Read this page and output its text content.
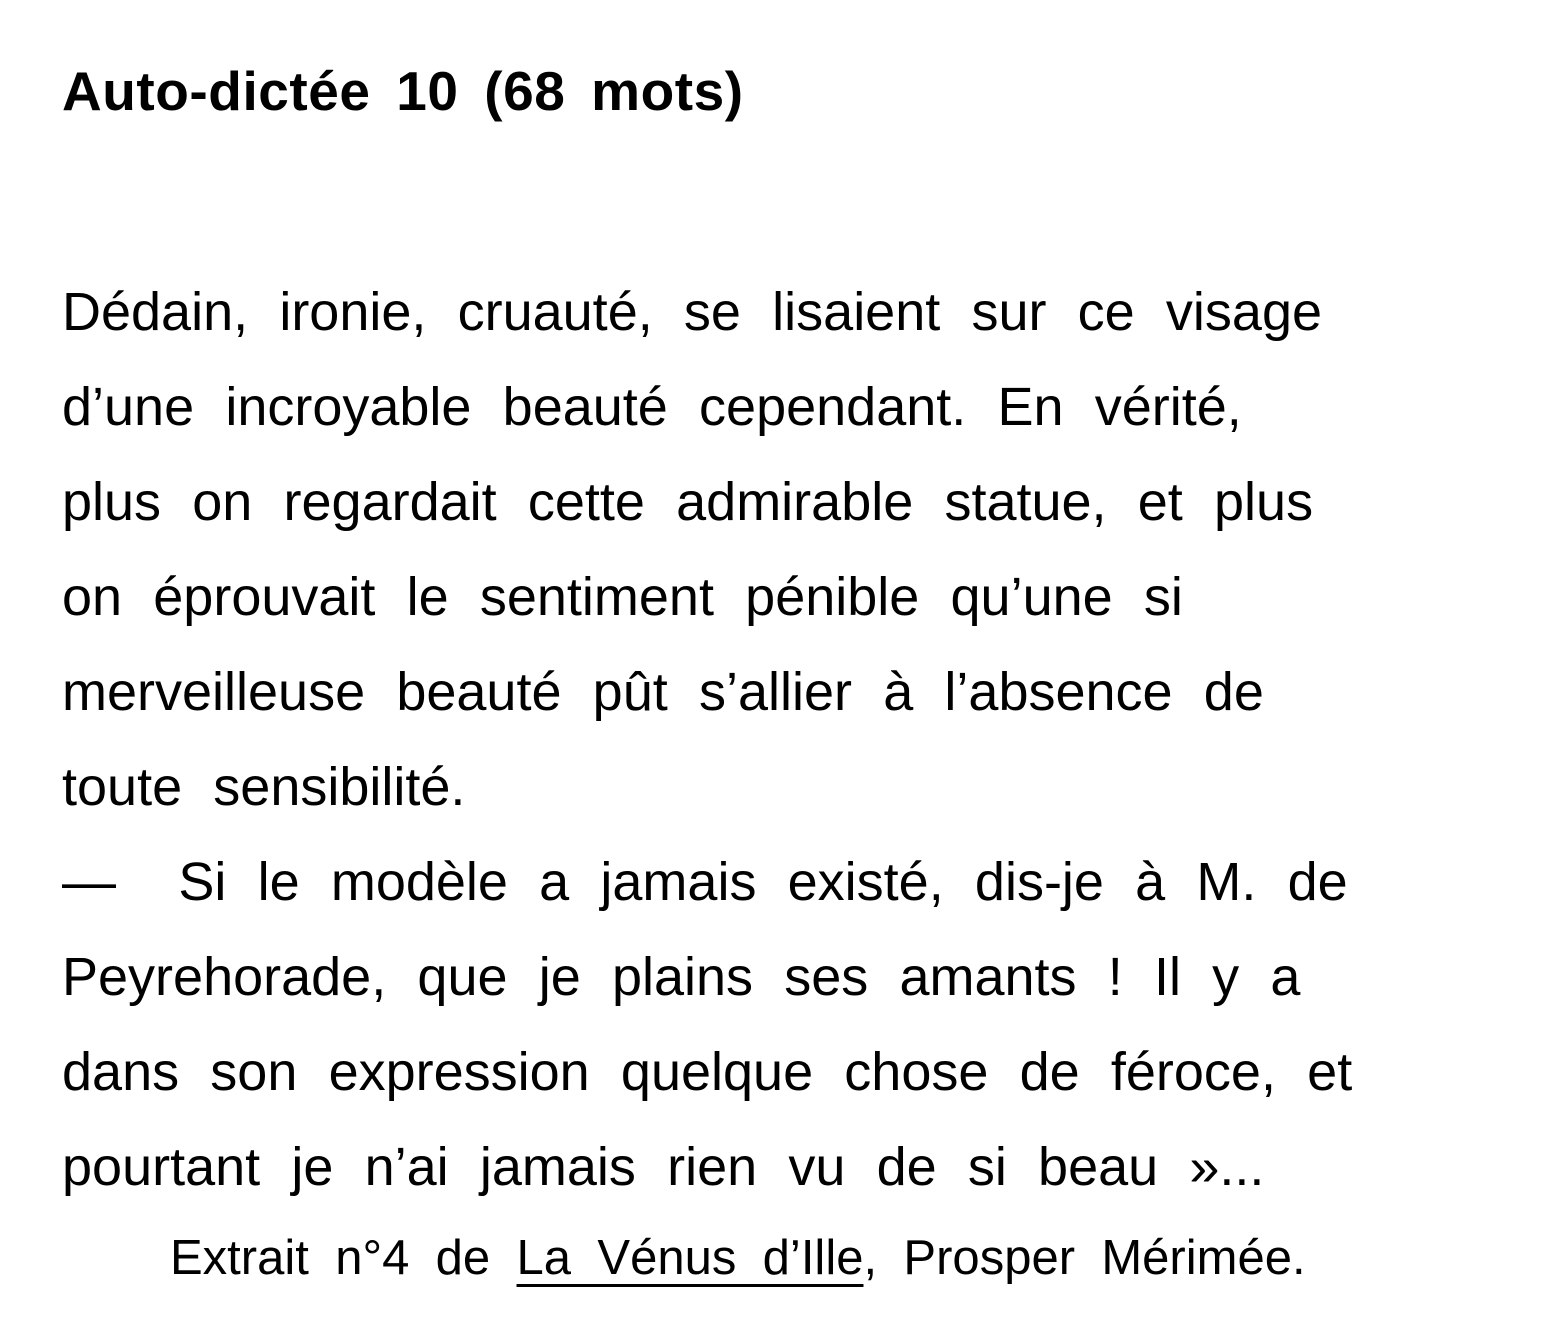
Auto-dictée 10 (68 mots)
Dédain, ironie, cruauté, se lisaient sur ce visage
d’une incroyable beauté cependant. En vérité,
plus on regardait cette admirable statue, et plus
on éprouvait le sentiment pénible qu’une si
merveilleuse beauté pût s’allier à l’absence de
toute sensibilité.
—  Si le modèle a jamais existé, dis-je à M. de
Peyrehorade, que je plains ses amants ! Il y a
dans son expression quelque chose de féroce, et
pourtant je n’ai jamais rien vu de si beau »...
Extrait n°4 de La Vénus d’Ille, Prosper Mérimée.
